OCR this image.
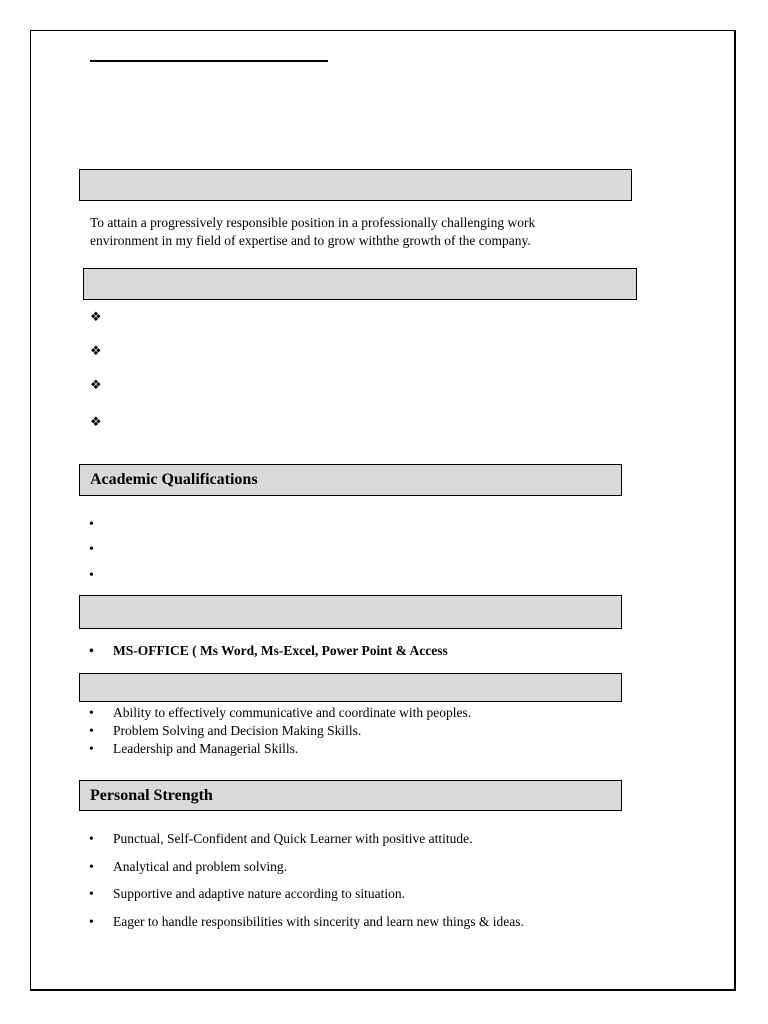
To attain a progressively responsible position in a professionally challenging work
environment in my field of expertise and to grow withthe growth of the company.
❖
❖
❖
❖
Academic Qualifications
•
•
•
• MS-OFFICE ( Ms Word, Ms-Excel, Power Point & Access
• Ability to effectively communicative and coordinate with peoples.
• Problem Solving and Decision Making Skills.
• Leadership and Managerial Skills.
Personal Strength
• Punctual, Self-Confident and Quick Learner with positive attitude.
• Analytical and problem solving.
• Supportive and adaptive nature according to situation.
• Eager to handle responsibilities with sincerity and learn new things & ideas.
